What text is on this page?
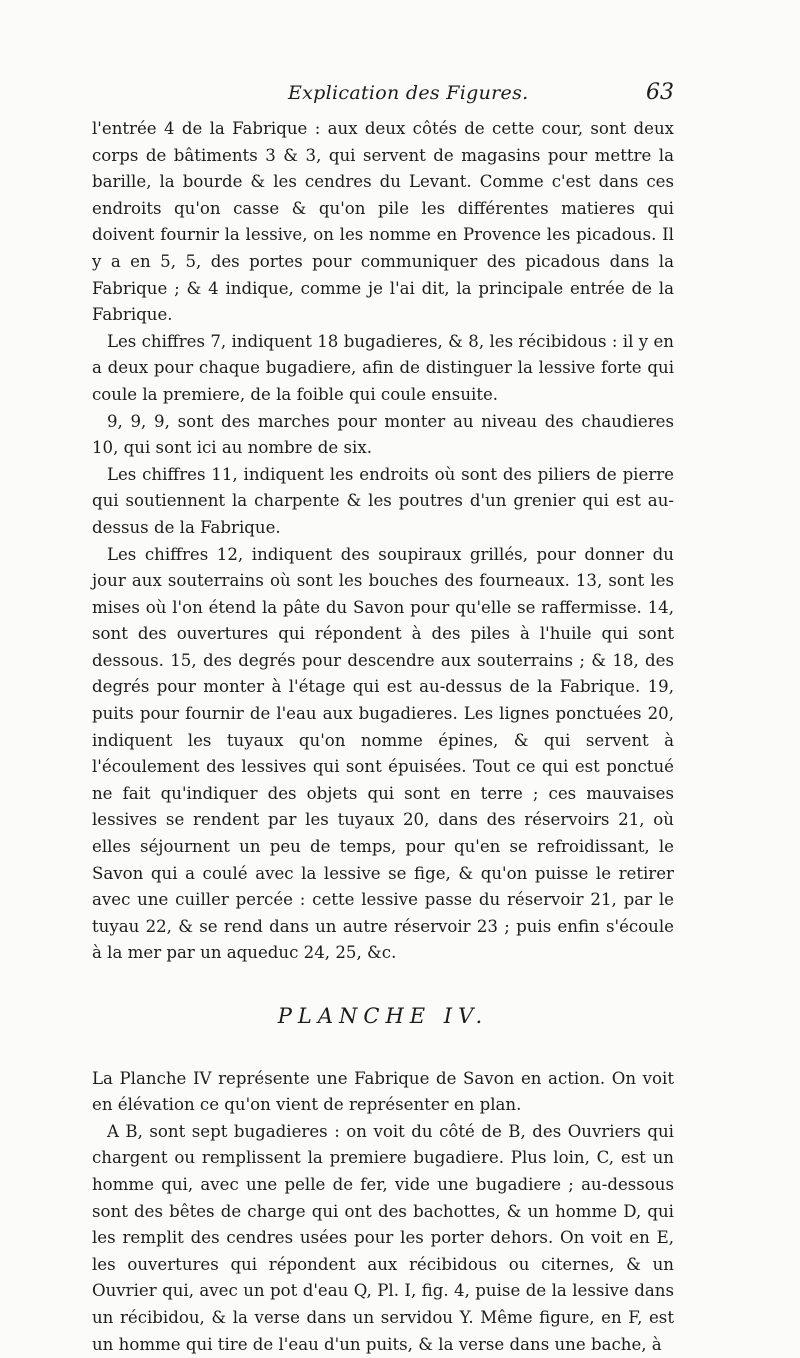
Explication des Figures.	63

l'entrée 4 de la Fabrique : aux deux côtés de cette cour, sont deux corps de bâtiments 3 & 3, qui servent de magasins pour mettre la barille, la bourde & les cendres du Levant. Comme c'est dans ces endroits qu'on casse & qu'on pile les différentes matieres qui doivent fournir la lessive, on les nomme en Provence les picadous. Il y a en 5, 5, des portes pour communiquer des picadous dans la Fabrique ; & 4 indique, comme je l'ai dit, la principale entrée de la Fabrique.

Les chiffres 7, indiquent 18 bugadieres, & 8, les récibidous : il y en a deux pour chaque bugadiere, afin de distinguer la lessive forte qui coule la premiere, de la foible qui coule ensuite.

9, 9, 9, sont des marches pour monter au niveau des chaudieres 10, qui sont ici au nombre de six.

Les chiffres 11, indiquent les endroits où sont des piliers de pierre qui soutiennent la charpente & les poutres d'un grenier qui est au-dessus de la Fabrique.

Les chiffres 12, indiquent des soupiraux grillés, pour donner du jour aux souterrains où sont les bouches des fourneaux. 13, sont les mises où l'on étend la pâte du Savon pour qu'elle se raffermisse. 14, sont des ouvertures qui répondent à des piles à l'huile qui sont dessous. 15, des degrés pour descendre aux souterrains ; & 18, des degrés pour monter à l'étage qui est au-dessus de la Fabrique. 19, puits pour fournir de l'eau aux bugadieres. Les lignes ponctuées 20, indiquent les tuyaux qu'on nomme épines, & qui servent à l'écoulement des lessives qui sont épuisées. Tout ce qui est ponctué ne fait qu'indiquer des objets qui sont en terre ; ces mauvaises lessives se rendent par les tuyaux 20, dans des réservoirs 21, où elles séjournent un peu de temps, pour qu'en se refroidissant, le Savon qui a coulé avec la lessive se fige, & qu'on puisse le retirer avec une cuiller percée : cette lessive passe du réservoir 21, par le tuyau 22, & se rend dans un autre réservoir 23 ; puis enfin s'écoule à la mer par un aqueduc 24, 25, &c.

PLANCHE IV.

La Planche IV représente une Fabrique de Savon en action. On voit en élévation ce qu'on vient de représenter en plan.

A B, sont sept bugadieres : on voit du côté de B, des Ouvriers qui chargent ou remplissent la premiere bugadiere. Plus loin, C, est un homme qui, avec une pelle de fer, vide une bugadiere ; au-dessous sont des bêtes de charge qui ont des bachottes, & un homme D, qui les remplit des cendres usées pour les porter dehors. On voit en E, les ouvertures qui répondent aux récibidous ou citernes, & un Ouvrier qui, avec un pot d'eau Q, Pl. I, fig. 4, puise de la lessive dans un récibidou, & la verse dans un servidou Y. Même figure, en F, est un homme qui tire de l'eau d'un puits, & la verse dans une bache, à
